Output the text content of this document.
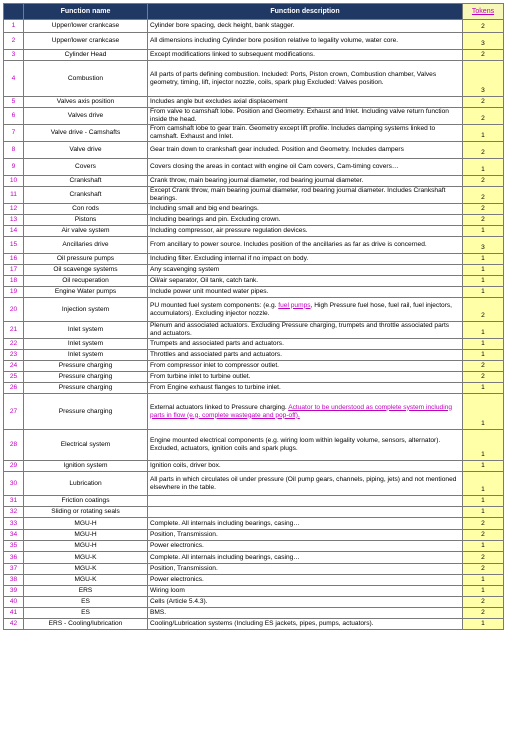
	Function name	Function description	Tokens
1	Upper/lower crankcase	Cylinder bore spacing, deck height, bank stagger.	2
2	Upper/lower crankcase	All dimensions including Cylinder bore position relative to legality volume, water core.	3
3	Cylinder Head	Except modifications linked to subsequent modifications.	2
4	Combustion	All parts of parts defining combustion. Included: Ports, Piston crown, Combustion chamber, Valves geometry, timing, lift, injector nozzle, coils, spark plug Excluded: Valves position.	3
5	Valves axis position	Includes angle but excludes axial displacement	2
6	Valves drive	From valve to camshaft lobe. Position and Geometry. Exhaust and Inlet. Including valve return function inside the head.	2
7	Valve drive - Camshafts	From camshaft lobe to gear train. Geometry except lift profile. Includes damping systems linked to camshaft. Exhaust and Inlet.	1
8	Valve drive	Gear train down to crankshaft gear included. Position and Geometry. Includes dampers	2
9	Covers	Covers closing the areas in contact with engine oil Cam covers, Cam-timing covers…	1
10	Crankshaft	Crank throw, main bearing journal diameter, rod bearing journal diameter.	2
11	Crankshaft	Except Crank throw, main bearing journal diameter, rod bearing journal diameter. Includes Crankshaft bearings.	2
12	Con rods	Including small and big end bearings.	2
13	Pistons	Including bearings and pin. Excluding crown.	2
14	Air valve system	Including compressor, air pressure regulation devices.	1
15	Ancillaries drive	From ancillary to power source. Includes position of the ancillaries as far as drive is concerned.	3
16	Oil pressure pumps	Including filter. Excluding internal if no impact on body.	1
17	Oil scavenge systems	Any scavenging system	1
18	Oil recuperation	Oil/air separator, Oil tank, catch tank.	1
19	Engine Water pumps	Include power unit mounted water pipes.	1
20	Injection system	PU mounted fuel system components: (e.g. fuel pumps, High Pressure fuel hose, fuel rail, fuel injectors, accumulators). Excluding injector nozzle.	2
21	Inlet system	Plenum and associated actuators. Excluding Pressure charging, trumpets and throttle associated parts and actuators.	1
22	Inlet system	Trumpets and associated parts and actuators.	1
23	Inlet system	Throttles and associated parts and actuators.	1
24	Pressure charging	From compressor inlet to compressor outlet.	2
25	Pressure charging	From turbine inlet to turbine outlet.	2
26	Pressure charging	From Engine exhaust flanges to turbine inlet.	1
27	Pressure charging	External actuators linked to Pressure charging. Actuator to be understood as complete system including parts in flow (e.g. complete wastegate and pop-off).	1
28	Electrical system	Engine mounted electrical components (e.g. wiring loom within legality volume, sensors, alternator). Excluded, actuators, ignition coils and spark plugs.	1
29	Ignition system	Ignition coils, driver box.	1
30	Lubrication	All parts in which circulates oil under pressure (Oil pump gears, channels, piping, jets) and not mentioned elsewhere in the table.	1
31	Friction coatings		1
32	Sliding or rotating seals		1
33	MGU-H	Complete. All internals including bearings, casing…	2
34	MGU-H	Position, Transmission.	2
35	MGU-H	Power electronics.	1
36	MGU-K	Complete. All internals including bearings, casing…	2
37	MGU-K	Position, Transmission.	2
38	MGU-K	Power electronics.	1
39	ERS	Wiring loom	1
40	ES	Cells (Article 5.4.3).	2
41	ES	BMS.	2
42	ERS - Cooling/lubrication	Cooling/Lubrication systems (Including ES jackets, pipes, pumps, actuators).	1
